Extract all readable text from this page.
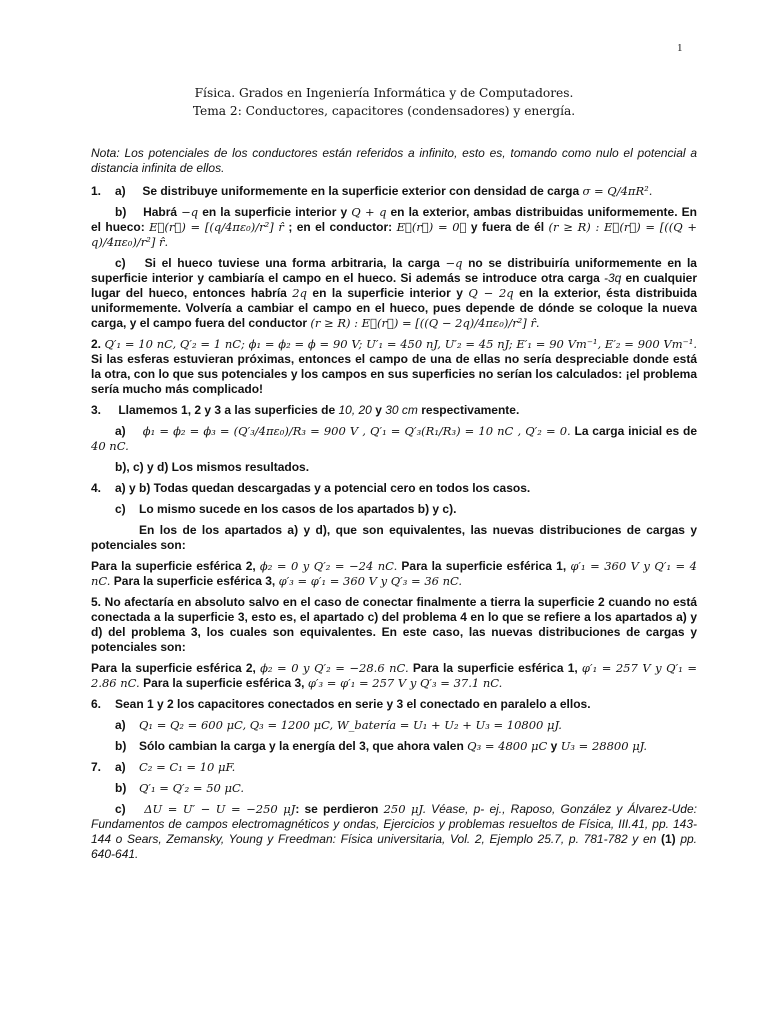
1
Física. Grados en Ingeniería Informática y de Computadores.
Tema 2: Conductores, capacitores (condensadores) y energía.

Nota: Los potenciales de los conductores están referidos a infinito, esto es, tomando como nulo el potencial a distancia infinita de ellos.

1. a) Se distribuye uniformemente en la superficie exterior con densidad de carga σ = Q/4πR².

b) Habrá −q en la superficie interior y Q + q en la exterior, ambas distribuidas uniformemente. En el hueco: E⃗(r⃗) = [(q/4πε₀)/r²] r̂ ; en el conductor: E⃗(r⃗) = 0⃗ y fuera de él (r ≥ R) : E⃗(r⃗) = [((Q + q)/4πε₀)/r²] r̂.

c) Si el hueco tuviese una forma arbitraria, la carga −q no se distribuiría uniformemente en la superficie interior y cambiaría el campo en el hueco. Si además se introduce otra carga -3q en cualquier lugar del hueco, entonces habría 2q en la superficie interior y Q − 2q en la exterior, ésta distribuida uniformemente. Volvería a cambiar el campo en el hueco, pues depende de dónde se coloque la nueva carga, y el campo fuera del conductor (r ≥ R) : E⃗(r⃗) = [((Q − 2q)/4πε₀)/r²] r̂.

2. Q′₁ = 10 nC, Q′₂ = 1 nC; ϕ₁ = ϕ₂ = ϕ = 90 V; U′₁ = 450 nJ, U′₂ = 45 nJ; E′₁ = 90 Vm⁻¹, E′₂ = 900 Vm⁻¹. Si las esferas estuvieran próximas, entonces el campo de una de ellas no sería despreciable donde está la otra, con lo que sus potenciales y los campos en sus superficies no serían los calculados: ¡el problema sería mucho más complicado!

3. Llamemos 1, 2 y 3 a las superficies de 10, 20 y 30 cm respectivamente.

a) ϕ₁ = ϕ₂ = ϕ₃ = (Q′₃/4πε₀)/R₃ = 900 V , Q′₁ = Q′₃(R₁/R₃) = 10 nC , Q′₂ = 0. La carga inicial es de 40 nC.

b), c) y d) Los mismos resultados.

4. a) y b) Todas quedan descargadas y a potencial cero en todos los casos.

c) Lo mismo sucede en los casos de los apartados b) y c).

En los de los apartados a) y d), que son equivalentes, las nuevas distribuciones de cargas y potenciales son:

Para la superficie esférica 2, ϕ₂ = 0 y Q′₂ = −24 nC. Para la superficie esférica 1, φ′₁ = 360 V y Q′₁ = 4 nC. Para la superficie esférica 3, φ′₃ = φ′₁ = 360 V y Q′₃ = 36 nC.

5. No afectaría en absoluto salvo en el caso de conectar finalmente a tierra la superficie 2 cuando no está conectada a la superficie 3, esto es, el apartado c) del problema 4 en lo que se refiere a los apartados a) y d) del problema 3, los cuales son equivalentes. En este caso, las nuevas distribuciones de cargas y potenciales son:

Para la superficie esférica 2, ϕ₂ = 0 y Q′₂ = −28.6 nC. Para la superficie esférica 1, φ′₁ = 257 V y Q′₁ = 2.86 nC. Para la superficie esférica 3, φ′₃ = φ′₁ = 257 V y Q′₃ = 37.1 nC.

6. Sean 1 y 2 los capacitores conectados en serie y 3 el conectado en paralelo a ellos.

a) Q₁ = Q₂ = 600 μC, Q₃ = 1200 μC, W_batería = U₁ + U₂ + U₃ = 10800 μJ.

b) Sólo cambian la carga y la energía del 3, que ahora valen Q₃ = 4800 μC y U₃ = 28800 μJ.

7. a) C₂ = C₁ = 10 μF.

b) Q′₁ = Q′₂ = 50 μC.

c) ΔU = U′ − U = −250 μJ: se perdieron 250 μJ. Véase, p- ej., Raposo, González y Álvarez-Ude: Fundamentos de campos electromagnéticos y ondas, Ejercicios y problemas resueltos de Física, III.41, pp. 143-144 o Sears, Zemansky, Young y Freedman: Física universitaria, Vol. 2, Ejemplo 25.7, p. 781-782 y en (1) pp. 640-641.
